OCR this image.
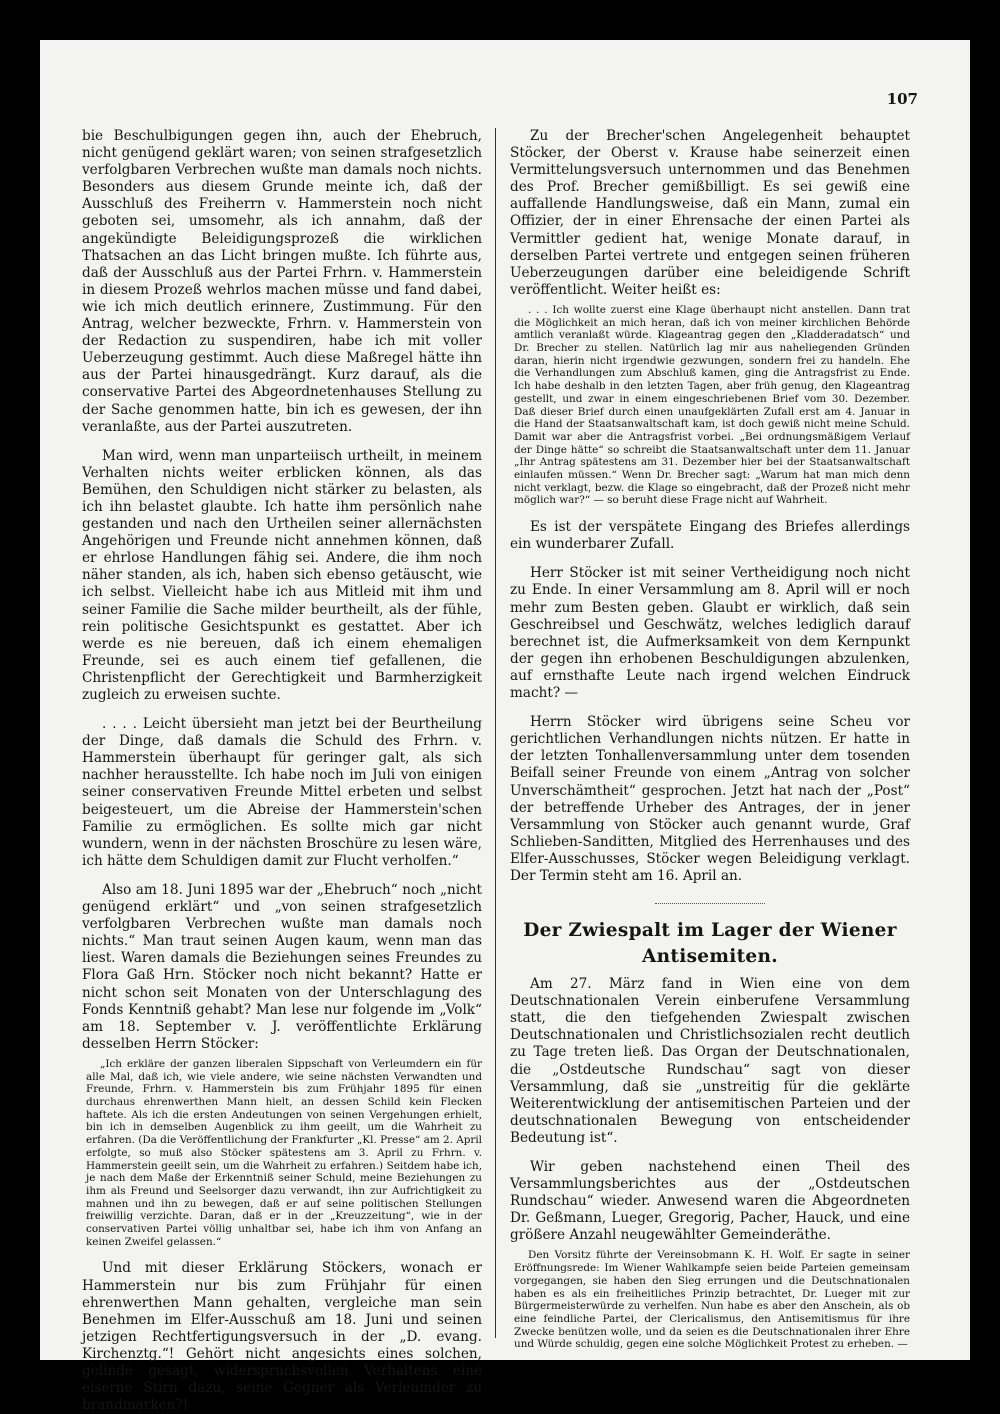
107

bie Beschulbigungen gegen ihn, auch der Ehebruch, nicht genügend geklärt waren; von seinen strafgesetzlich verfolgbaren Verbrechen wußte man damals noch nichts. Besonders aus diesem Grunde meinte ich, daß der Ausschluß des Freiherrn v. Hammerstein noch nicht geboten sei, umsomehr, als ich annahm, daß der angekündigte Beleidigungsprozeß die wirklichen Thatsachen an das Licht bringen mußte. Ich führte aus, daß der Ausschluß aus der Partei Frhrn. v. Hammerstein in diesem Prozeß wehrlos machen müsse und fand dabei, wie ich mich deutlich erinnere, Zustimmung. Für den Antrag, welcher bezweckte, Frhrn. v. Hammerstein von der Redaction zu suspendiren, habe ich mit voller Ueberzeugung gestimmt. Auch diese Maßregel hätte ihn aus der Partei hinausgedrängt. Kurz darauf, als die conservative Partei des Abgeordnetenhauses Stellung zu der Sache genommen hatte, bin ich es gewesen, der ihn veranlaßte, aus der Partei auszutreten.

Man wird, wenn man unparteiisch urtheilt, in meinem Verhalten nichts weiter erblicken können, als das Bemühen, den Schuldigen nicht stärker zu belasten, als ich ihn belastet glaubte. Ich hatte ihm persönlich nahe gestanden und nach den Urtheilen seiner allernächsten Angehörigen und Freunde nicht annehmen können, daß er ehrlose Handlungen fähig sei. Andere, die ihm noch näher standen, als ich, haben sich ebenso getäuscht, wie ich selbst. Vielleicht habe ich aus Mitleid mit ihm und seiner Familie die Sache milder beurtheilt, als der fühle, rein politische Gesichtspunkt es gestattet. Aber ich werde es nie bereuen, daß ich einem ehemaligen Freunde, sei es auch einem tief gefallenen, die Christenpflicht der Gerechtigkeit und Barmherzigkeit zugleich zu erweisen suchte.

. . . . Leicht übersieht man jetzt bei der Beurtheilung der Dinge, daß damals die Schuld des Frhrn. v. Hammerstein überhaupt für geringer galt, als sich nachher herausstellte. Ich habe noch im Juli von einigen seiner conservativen Freunde Mittel erbeten und selbst beigesteuert, um die Abreise der Hammerstein'schen Familie zu ermöglichen. Es sollte mich gar nicht wundern, wenn in der nächsten Broschüre zu lesen wäre, ich hätte dem Schuldigen damit zur Flucht verholfen.“

Also am 18. Juni 1895 war der „Ehebruch“ noch „nicht genügend erklärt“ und „von seinen strafgesetzlich verfolgbaren Verbrechen wußte man damals noch nichts.“ Man traut seinen Augen kaum, wenn man das liest. Waren damals die Beziehungen seines Freundes zu Flora Gaß Hrn. Stöcker noch nicht bekannt? Hatte er nicht schon seit Monaten von der Unterschlagung des Fonds Kenntniß gehabt? Man lese nur folgende im „Volk“ am 18. September v. J. veröffentlichte Erklärung desselben Herrn Stöcker:

„Ich erkläre der ganzen liberalen Sippschaft von Verleumdern ein für alle Mal, daß ich, wie viele andere, wie seine nächsten Verwandten und Freunde, Frhrn. v. Hammerstein bis zum Frühjahr 1895 für einen durchaus ehrenwerthen Mann hielt, an dessen Schild kein Flecken haftete. Als ich die ersten Andeutungen von seinen Vergehungen erhielt, bin ich in demselben Augenblick zu ihm geeilt, um die Wahrheit zu erfahren. (Da die Veröffentlichung der Frankfurter „Kl. Presse“ am 2. April erfolgte, so muß also Stöcker spätestens am 3. April zu Frhrn. v. Hammerstein geeilt sein, um die Wahrheit zu erfahren.) Seitdem habe ich, je nach dem Maße der Erkenntniß seiner Schuld, meine Beziehungen zu ihm als Freund und Seelsorger dazu verwandt, ihn zur Aufrichtigkeit zu mahnen und ihn zu bewegen, daß er auf seine politischen Stellungen freiwillig verzichte. Daran, daß er in der „Kreuzzeitung“, wie in der conservativen Partei völlig unhaltbar sei, habe ich ihm von Anfang an keinen Zweifel gelassen.“

Und mit dieser Erklärung Stöckers, wonach er Hammerstein nur bis zum Frühjahr für einen ehrenwerthen Mann gehalten, vergleiche man sein Benehmen im Elfer-Ausschuß am 18. Juni und seinen jetzigen Rechtfertigungsversuch in der „D. evang. Kirchenztg.“! Gehört nicht angesichts eines solchen, gelinde gesagt, widerspruchsvollen Verhaltens eine eiserne Stirn dazu, seine Gegner als Verleumder zu brandmarken?!

Zu der Brecher'schen Angelegenheit behauptet Stöcker, der Oberst v. Krause habe seinerzeit einen Vermittelungsversuch unternommen und das Benehmen des Prof. Brecher gemißbilligt. Es sei gewiß eine auffallende Handlungsweise, daß ein Mann, zumal ein Offizier, der in einer Ehrensache der einen Partei als Vermittler gedient hat, wenige Monate darauf, in derselben Partei vertrete und entgegen seinen früheren Ueberzeugungen darüber eine beleidigende Schrift veröffentlicht. Weiter heißt es:

. . . Ich wollte zuerst eine Klage überhaupt nicht anstellen. Dann trat die Möglichkeit an mich heran, daß ich von meiner kirchlichen Behörde amtlich veranlaßt würde. Klageantrag gegen den „Kladderadatsch“ und Dr. Brecher zu stellen. Natürlich lag mir aus naheliegenden Gründen daran, hierin nicht irgendwie gezwungen, sondern frei zu handeln. Ehe die Verhandlungen zum Abschluß kamen, ging die Antragsfrist zu Ende. Ich habe deshalb in den letzten Tagen, aber früh genug, den Klageantrag gestellt, und zwar in einem eingeschriebenen Brief vom 30. Dezember. Daß dieser Brief durch einen unaufgeklärten Zufall erst am 4. Januar in die Hand der Staatsanwaltschaft kam, ist doch gewiß nicht meine Schuld. Damit war aber die Antragsfrist vorbei. „Bei ordnungsmäßigem Verlauf der Dinge hätte“ so schreibt die Staatsanwaltschaft unter dem 11. Januar „Ihr Antrag spätestens am 31. Dezember hier bei der Staatsanwaltschaft einlaufen müssen.“ Wenn Dr. Brecher sagt: „Warum hat man mich denn nicht verklagt, bezw. die Klage so eingebracht, daß der Prozeß nicht mehr möglich war?“ — so beruht diese Frage nicht auf Wahrheit.

Es ist der verspätete Eingang des Briefes allerdings ein wunderbarer Zufall.

Herr Stöcker ist mit seiner Vertheidigung noch nicht zu Ende. In einer Versammlung am 8. April will er noch mehr zum Besten geben. Glaubt er wirklich, daß sein Geschreibsel und Geschwätz, welches lediglich darauf berechnet ist, die Aufmerksamkeit von dem Kernpunkt der gegen ihn erhobenen Beschuldigungen abzulenken, auf ernsthafte Leute nach irgend welchen Eindruck macht? —

Herrn Stöcker wird übrigens seine Scheu vor gerichtlichen Verhandlungen nichts nützen. Er hatte in der letzten Tonhallenversammlung unter dem tosenden Beifall seiner Freunde von einem „Antrag von solcher Unverschämtheit“ gesprochen. Jetzt hat nach der „Post“ der betreffende Urheber des Antrages, der in jener Versammlung von Stöcker auch genannt wurde, Graf Schlieben-Sanditten, Mitglied des Herrenhauses und des Elfer-Ausschusses, Stöcker wegen Beleidigung verklagt. Der Termin steht am 16. April an.

Der Zwiespalt im Lager der Wiener Antisemiten.

Am 27. März fand in Wien eine von dem Deutschnationalen Verein einberufene Versammlung statt, die den tiefgehenden Zwiespalt zwischen Deutschnationalen und Christlichsozialen recht deutlich zu Tage treten ließ. Das Organ der Deutschnationalen, die „Ostdeutsche Rundschau“ sagt von dieser Versammlung, daß sie „unstreitig für die geklärte Weiterentwicklung der antisemitischen Parteien und der deutschnationalen Bewegung von entscheidender Bedeutung ist“.

Wir geben nachstehend einen Theil des Versammlungsberichtes aus der „Ostdeutschen Rundschau“ wieder. Anwesend waren die Abgeordneten Dr. Geßmann, Lueger, Gregorig, Pacher, Hauck, und eine größere Anzahl neugewählter Gemeinderäthe.

Den Vorsitz führte der Vereinsobmann K. H. Wolf. Er sagte in seiner Eröffnungsrede: Im Wiener Wahlkampfe seien beide Parteien gemeinsam vorgegangen, sie haben den Sieg errungen und die Deutschnationalen haben es als ein freiheitliches Prinzip betrachtet, Dr. Lueger mit zur Bürgermeisterwürde zu verhelfen. Nun habe es aber den Anschein, als ob eine feindliche Partei, der Clericalismus, den Antisemitismus für ihre Zwecke benützen wolle, und da seien es die Deutschnationalen ihrer Ehre und Würde schuldig, gegen eine solche Möglichkeit Protest zu erheben. —
